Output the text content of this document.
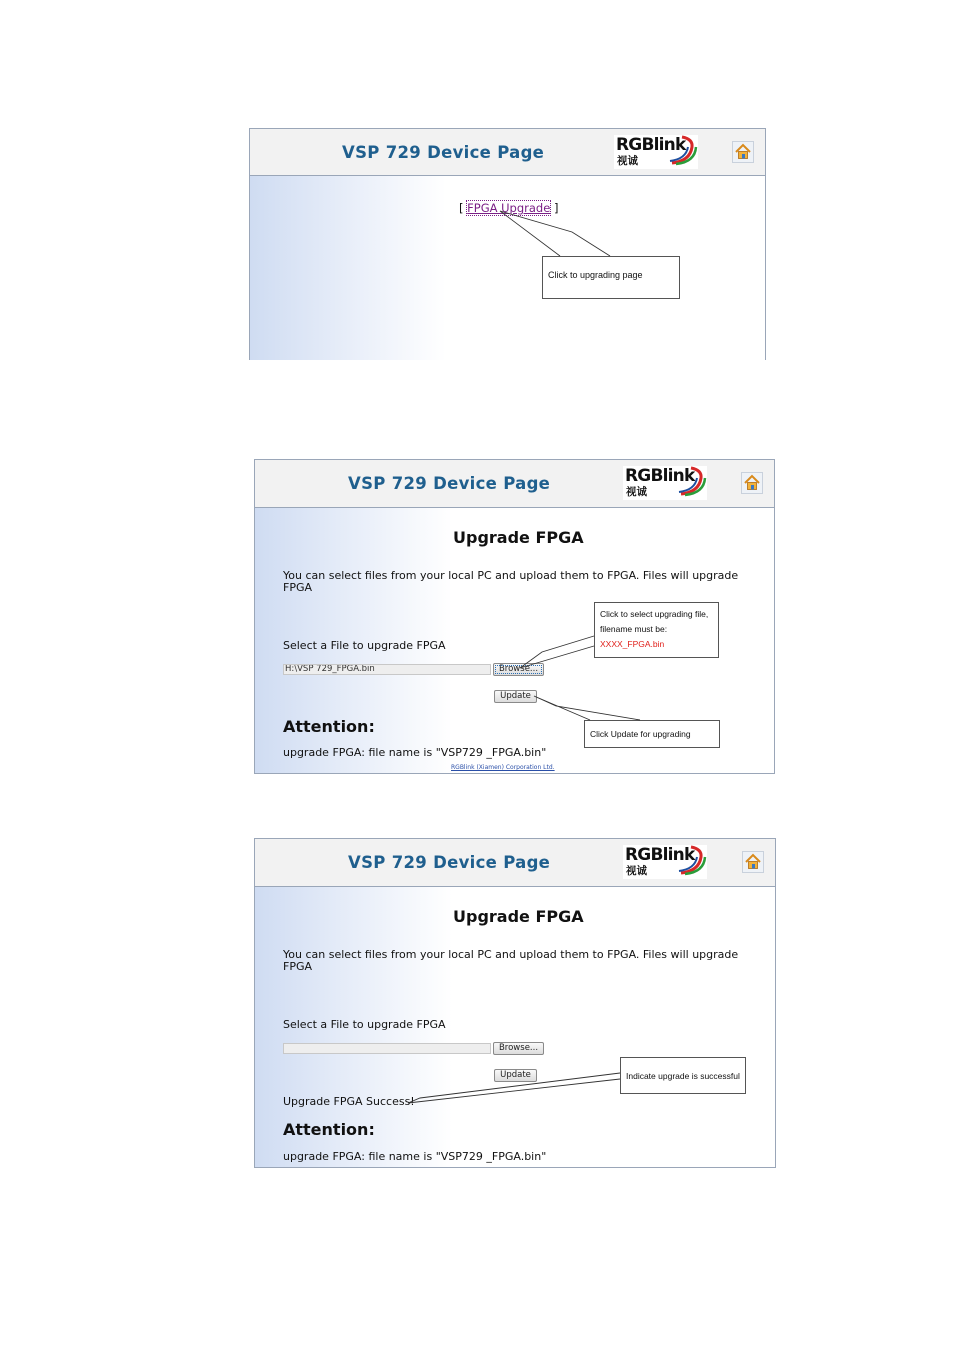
VSP 729 Device Page	RGBlink
视诚
[ FPGA Upgrade ]
Click to upgrading page
VSP 729 Device Page	RGBlink
视诚
Upgrade FPGA
You can select files from your local PC and upload them to FPGA. Files will upgrade
FPGA
Select a File to upgrade FPGA
H:\VSP 729_FPGA.bin	Browse...
Update
Attention:
upgrade FPGA: file name is "VSP729 _FPGA.bin"
RGBlink (Xiamen) Corporation Ltd.
Click to select upgrading file,
filename must be:
XXXX_FPGA.bin
Click Update for upgrading
VSP 729 Device Page	RGBlink
视诚
Upgrade FPGA
You can select files from your local PC and upload them to FPGA. Files will upgrade
FPGA
Select a File to upgrade FPGA
Browse...
Update
Upgrade FPGA Success!
Attention:
upgrade FPGA: file name is "VSP729 _FPGA.bin"
Indicate upgrade is successful
